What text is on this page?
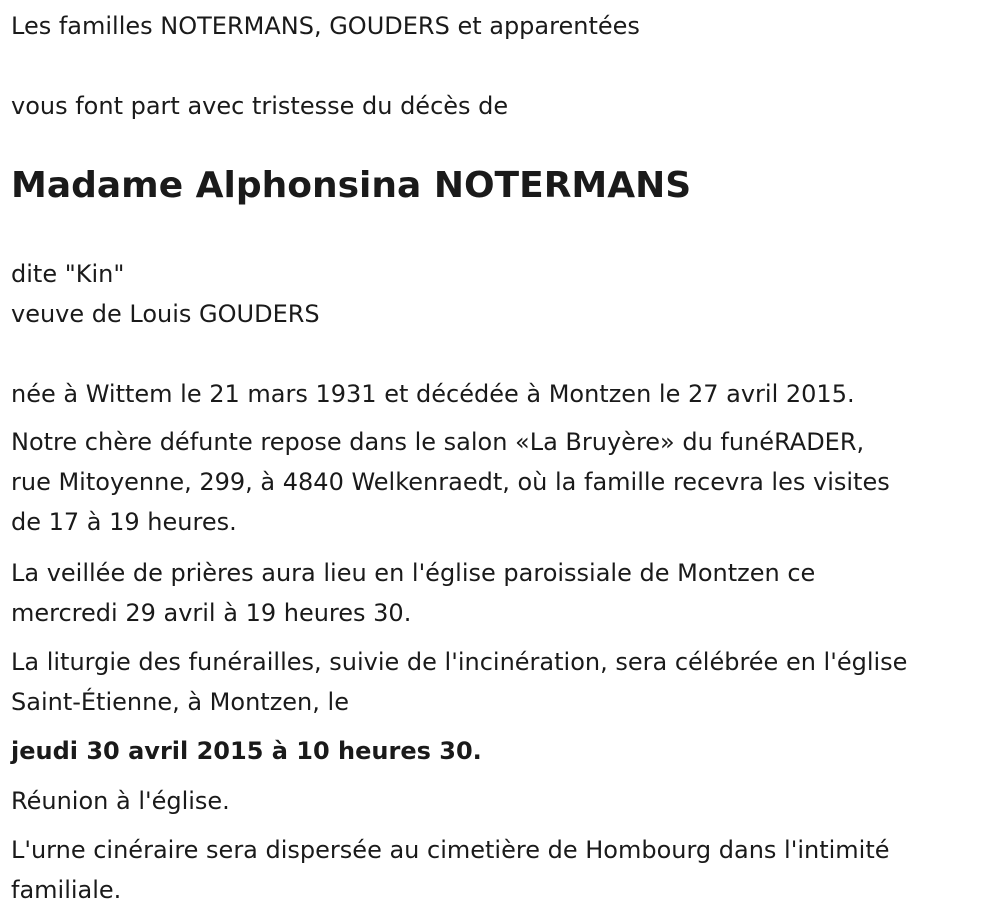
Les familles NOTERMANS, GOUDERS et apparentées
vous font part avec tristesse du décès de
Madame Alphonsina NOTERMANS
dite "Kin"
veuve de Louis GOUDERS
née à Wittem le 21 mars 1931 et décédée à Montzen le 27 avril 2015.
Notre chère défunte repose dans le salon «La Bruyère» du funéRADER,
rue Mitoyenne, 299, à 4840 Welkenraedt, où la famille recevra les visites
de 17 à 19 heures.
La veillée de prières aura lieu en l'église paroissiale de Montzen ce
mercredi 29 avril à 19 heures 30.
La liturgie des funérailles, suivie de l'incinération, sera célébrée en l'église
Saint-Étienne, à Montzen, le
jeudi 30 avril 2015 à 10 heures 30.
Réunion à l'église.
L'urne cinéraire sera dispersée au cimetière de Hombourg dans l'intimité
familiale.
